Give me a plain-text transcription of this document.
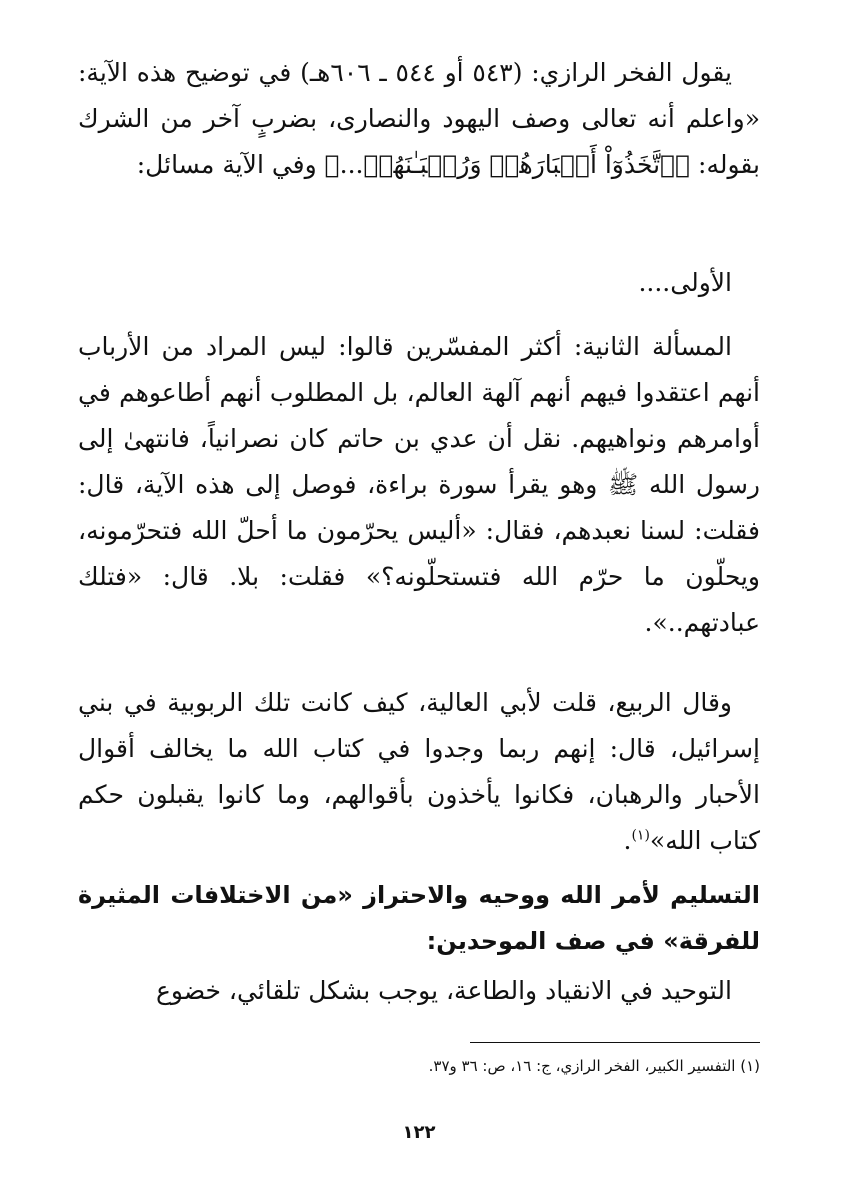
يقول الفخر الرازي: (٥٤٣ أو ٥٤٤ ـ ٦٠٦هـ) في توضيح هذه الآية: «واعلم أنه تعالى وصف اليهود والنصارى، بضربٍ آخر من الشرك بقوله: ﴿ٱتَّخَذُوٓاْ أَحۡبَارَهُمۡ وَرُهۡبَـٰنَهُمۡ...﴾ وفي الآية مسائل:

الأولى....

المسألة الثانية: أكثر المفسّرين قالوا: ليس المراد من الأرباب أنهم اعتقدوا فيهم أنهم آلهة العالم، بل المطلوب أنهم أطاعوهم في أوامرهم ونواهيهم. نقل أن عدي بن حاتم كان نصرانياً، فانتهىٰ إلى رسول الله ﷺ وهو يقرأ سورة براءة، فوصل إلى هذه الآية، قال: فقلت: لسنا نعبدهم، فقال: «أليس يحرّمون ما أحلّ الله فتحرّمونه، ويحلّون ما حرّم الله فتستحلّونه؟» فقلت: بلا. قال: «فتلك عبادتهم..».

وقال الربيع، قلت لأبي العالية، كيف كانت تلك الربوبية في بني إسرائيل، قال: إنهم ربما وجدوا في كتاب الله ما يخالف أقوال الأحبار والرهبان، فكانوا يأخذون بأقوالهم، وما كانوا يقبلون حكم كتاب الله»$^{(١)}$.

التسليم لأمر الله ووحيه والاحتراز «من الاختلافات المثيرة للفرقة» في صف الموحدين:

التوحيد في الانقياد والطاعة، يوجب بشكل تلقائي، خضوع

(١) التفسير الكبير، الفخر الرازي، ج: ١٦، ص: ٣٦ و٣٧.

١٢٢
